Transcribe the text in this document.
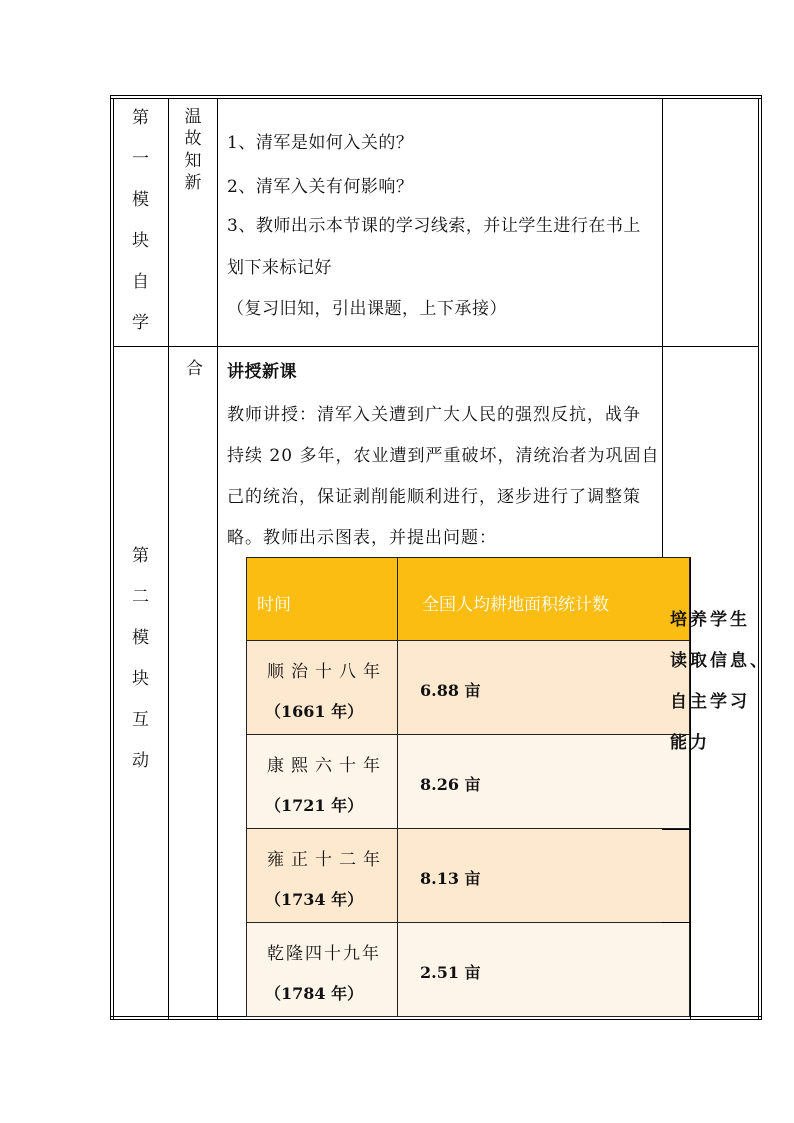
第
一
模
块
自
学
温
故
知
新
1、清军是如何入关的？
2、清军入关有何影响？
3、教师出示本节课的学习线索，并让学生进行在书上
划下来标记好
（复习旧知，引出课题，上下承接）
第
二
模
块
互
动
合 讲授新课
教师讲授：清军入关遭到广大人民的强烈反抗，战争
持续 20 多年，农业遭到严重破坏，清统治者为巩固自
己的统治，保证剥削能顺利进行，逐步进行了调整策
略。教师出示图表，并提出问题：
时间	全国人均耕地面积统计数
顺治十八年
（1661 年）
6.88 亩
康熙六十年
（1721 年）
8.26 亩
雍正十二年
（1734 年）
8.13 亩
乾隆四十九年
（1784 年）
2.51 亩
培养学生
读取信息、
自主学习
能力
